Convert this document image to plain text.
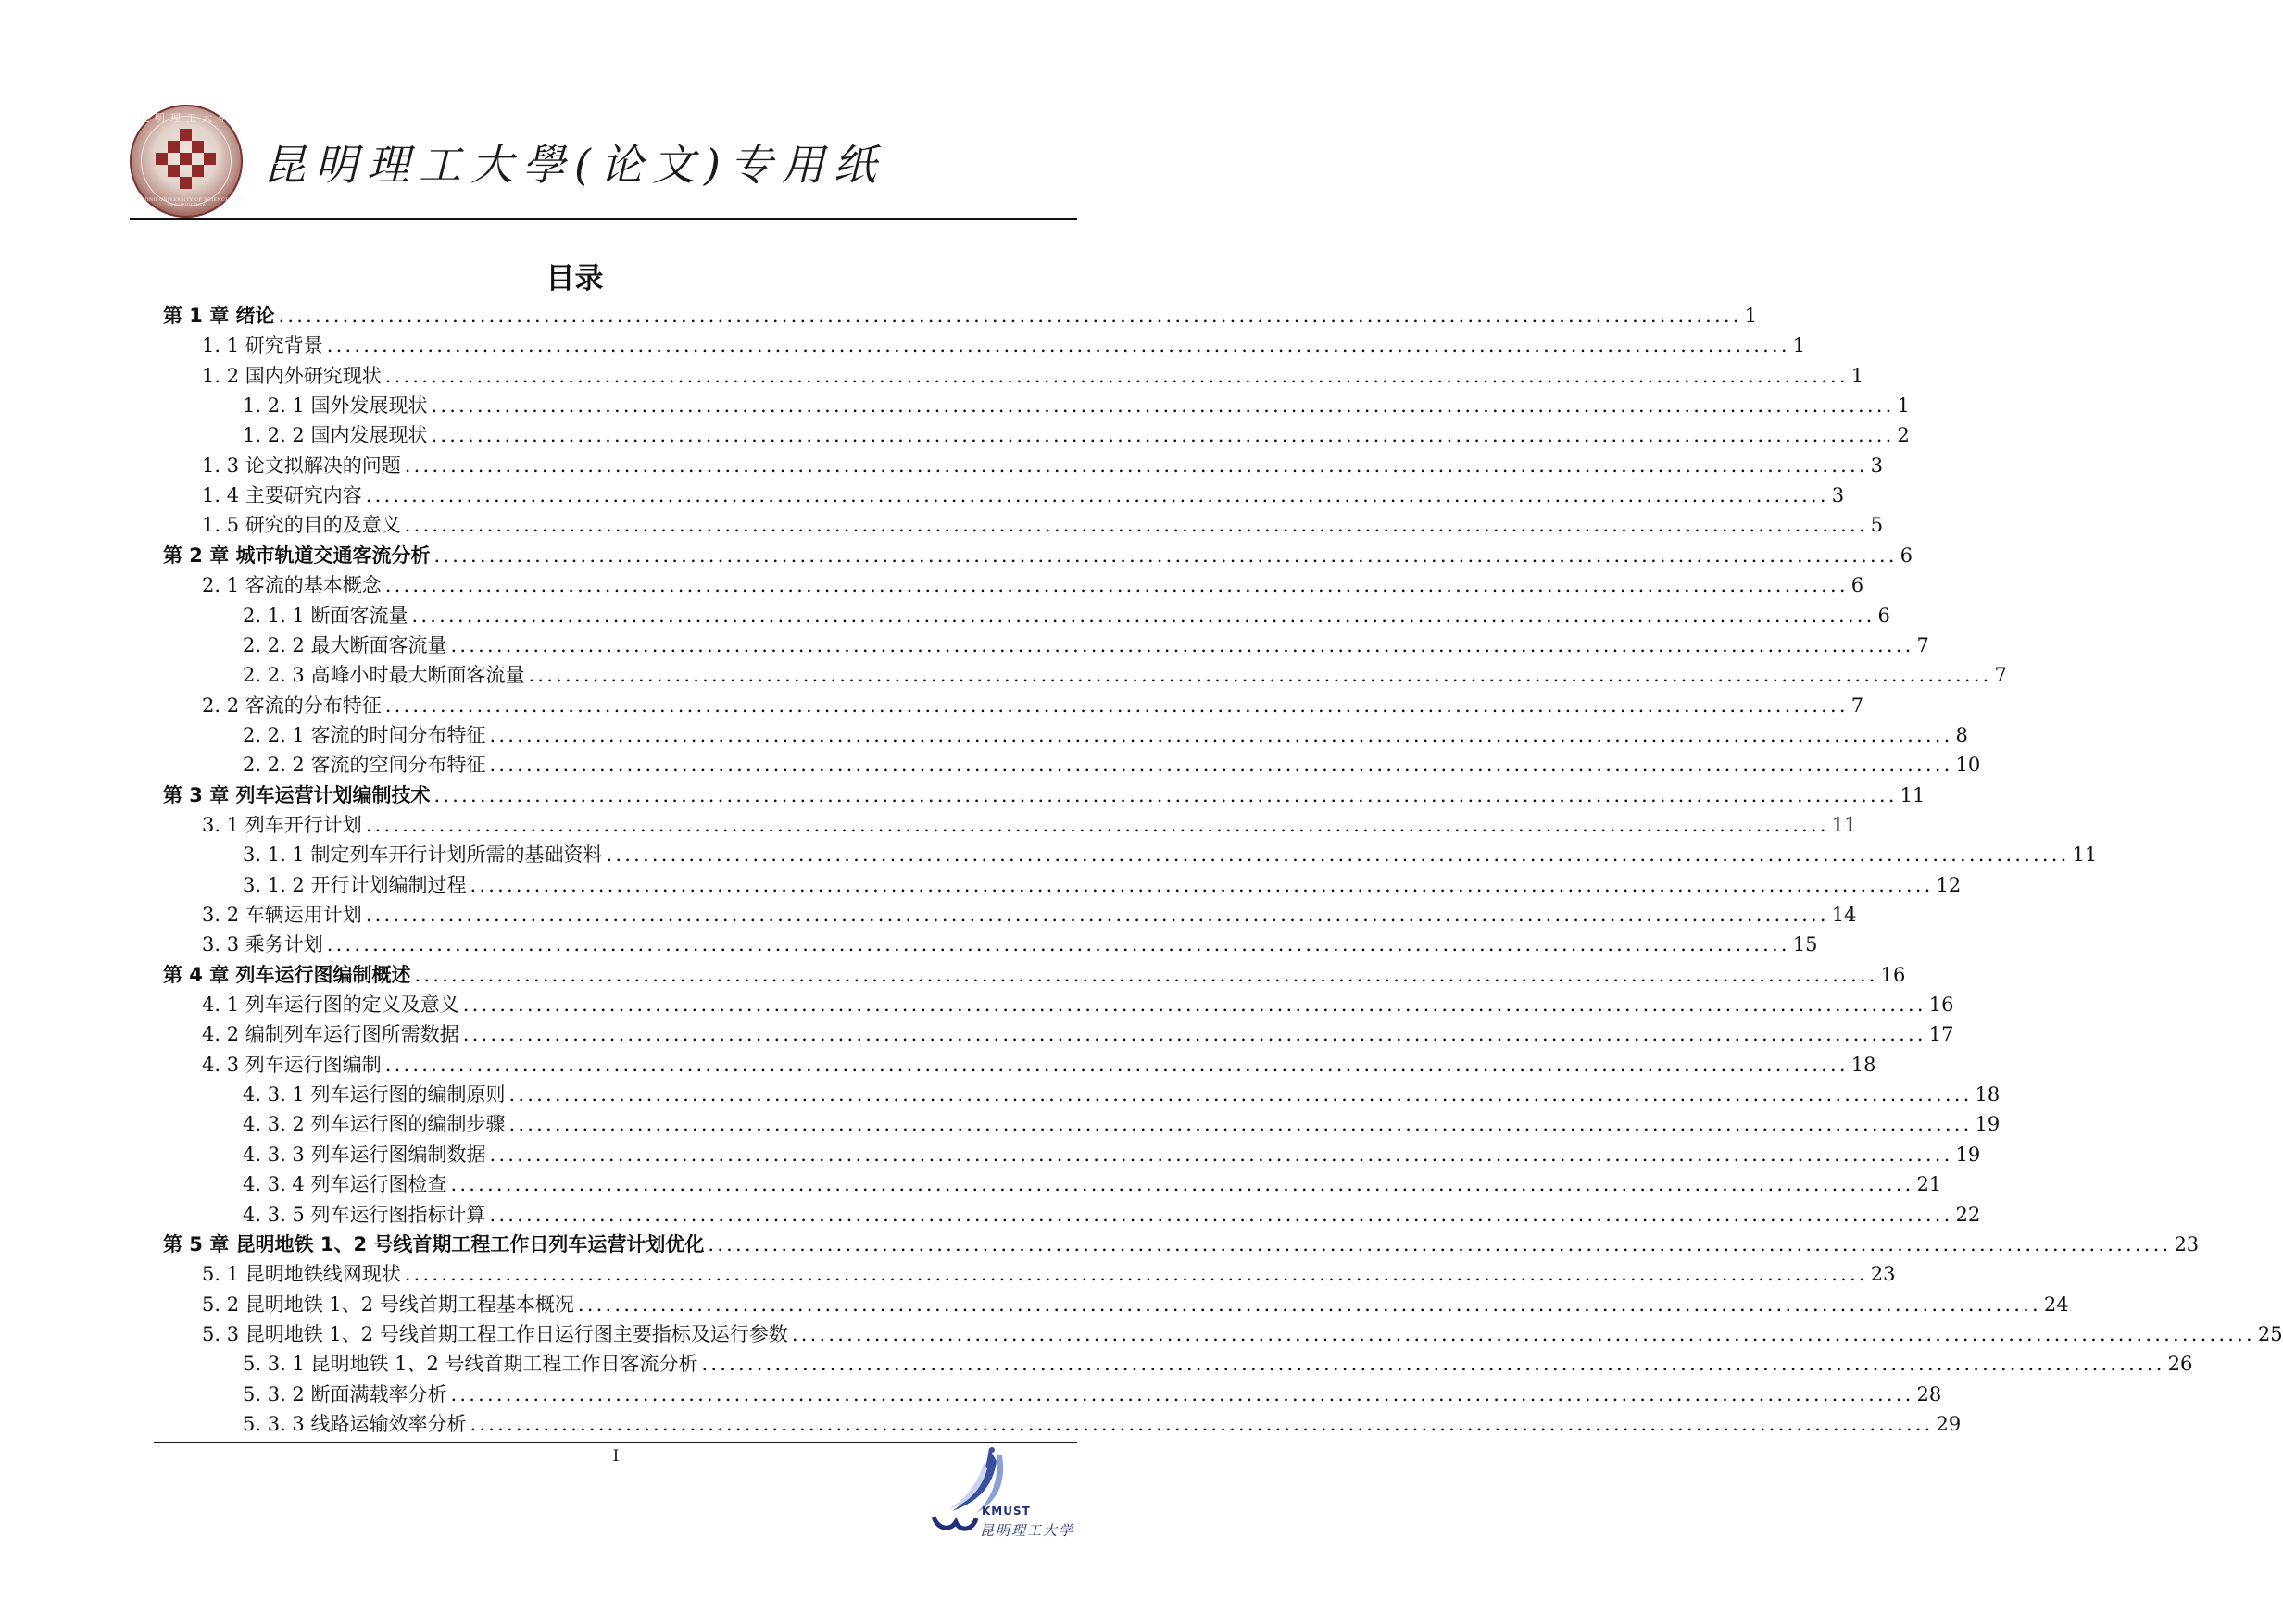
昆明理工大學
KUNMING UNIVERSITY OF SCIENCE AND TECHNOLOGY
昆明理工大學(论文)专用纸
目录
第 1 章 绪论 ................................................................................................................................................................ 1
1. 1 研究背景 ................................................................................................................................................................ 1
1. 2 国内外研究现状 ................................................................................................................................................................ 1
1. 2. 1 国外发展现状 ................................................................................................................................................................ 1
1. 2. 2 国内发展现状 ................................................................................................................................................................ 2
1. 3 论文拟解决的问题 ................................................................................................................................................................ 3
1. 4 主要研究内容 ................................................................................................................................................................ 3
1. 5 研究的目的及意义 ................................................................................................................................................................ 5
第 2 章 城市轨道交通客流分析 ................................................................................................................................................................ 6
2. 1 客流的基本概念 ................................................................................................................................................................ 6
2. 1. 1 断面客流量 ................................................................................................................................................................ 6
2. 2. 2 最大断面客流量 ................................................................................................................................................................ 7
2. 2. 3 高峰小时最大断面客流量 ................................................................................................................................................................ 7
2. 2 客流的分布特征 ................................................................................................................................................................ 7
2. 2. 1 客流的时间分布特征 ................................................................................................................................................................ 8
2. 2. 2 客流的空间分布特征 ................................................................................................................................................................ 10
第 3 章 列车运营计划编制技术 ................................................................................................................................................................ 11
3. 1 列车开行计划 ................................................................................................................................................................ 11
3. 1. 1 制定列车开行计划所需的基础资料 ................................................................................................................................................................ 11
3. 1. 2 开行计划编制过程 ................................................................................................................................................................ 12
3. 2 车辆运用计划 ................................................................................................................................................................ 14
3. 3 乘务计划 ................................................................................................................................................................ 15
第 4 章 列车运行图编制概述 ................................................................................................................................................................ 16
4. 1 列车运行图的定义及意义 ................................................................................................................................................................ 16
4. 2 编制列车运行图所需数据 ................................................................................................................................................................ 17
4. 3 列车运行图编制 ................................................................................................................................................................ 18
4. 3. 1 列车运行图的编制原则 ................................................................................................................................................................ 18
4. 3. 2 列车运行图的编制步骤 ................................................................................................................................................................ 19
4. 3. 3 列车运行图编制数据 ................................................................................................................................................................ 19
4. 3. 4 列车运行图检查 ................................................................................................................................................................ 21
4. 3. 5 列车运行图指标计算 ................................................................................................................................................................ 22
第 5 章 昆明地铁 1、2 号线首期工程工作日列车运营计划优化 ................................................................................................................................................................ 23
5. 1 昆明地铁线网现状 ................................................................................................................................................................ 23
5. 2 昆明地铁 1、2 号线首期工程基本概况 ................................................................................................................................................................ 24
5. 3 昆明地铁 1、2 号线首期工程工作日运行图主要指标及运行参数 ................................................................................................................................................................ 25
5. 3. 1 昆明地铁 1、2 号线首期工程工作日客流分析 ................................................................................................................................................................ 26
5. 3. 2 断面满载率分析 ................................................................................................................................................................ 28
5. 3. 3 线路运输效率分析 ................................................................................................................................................................ 29
I
KMUST
昆明理工大学
